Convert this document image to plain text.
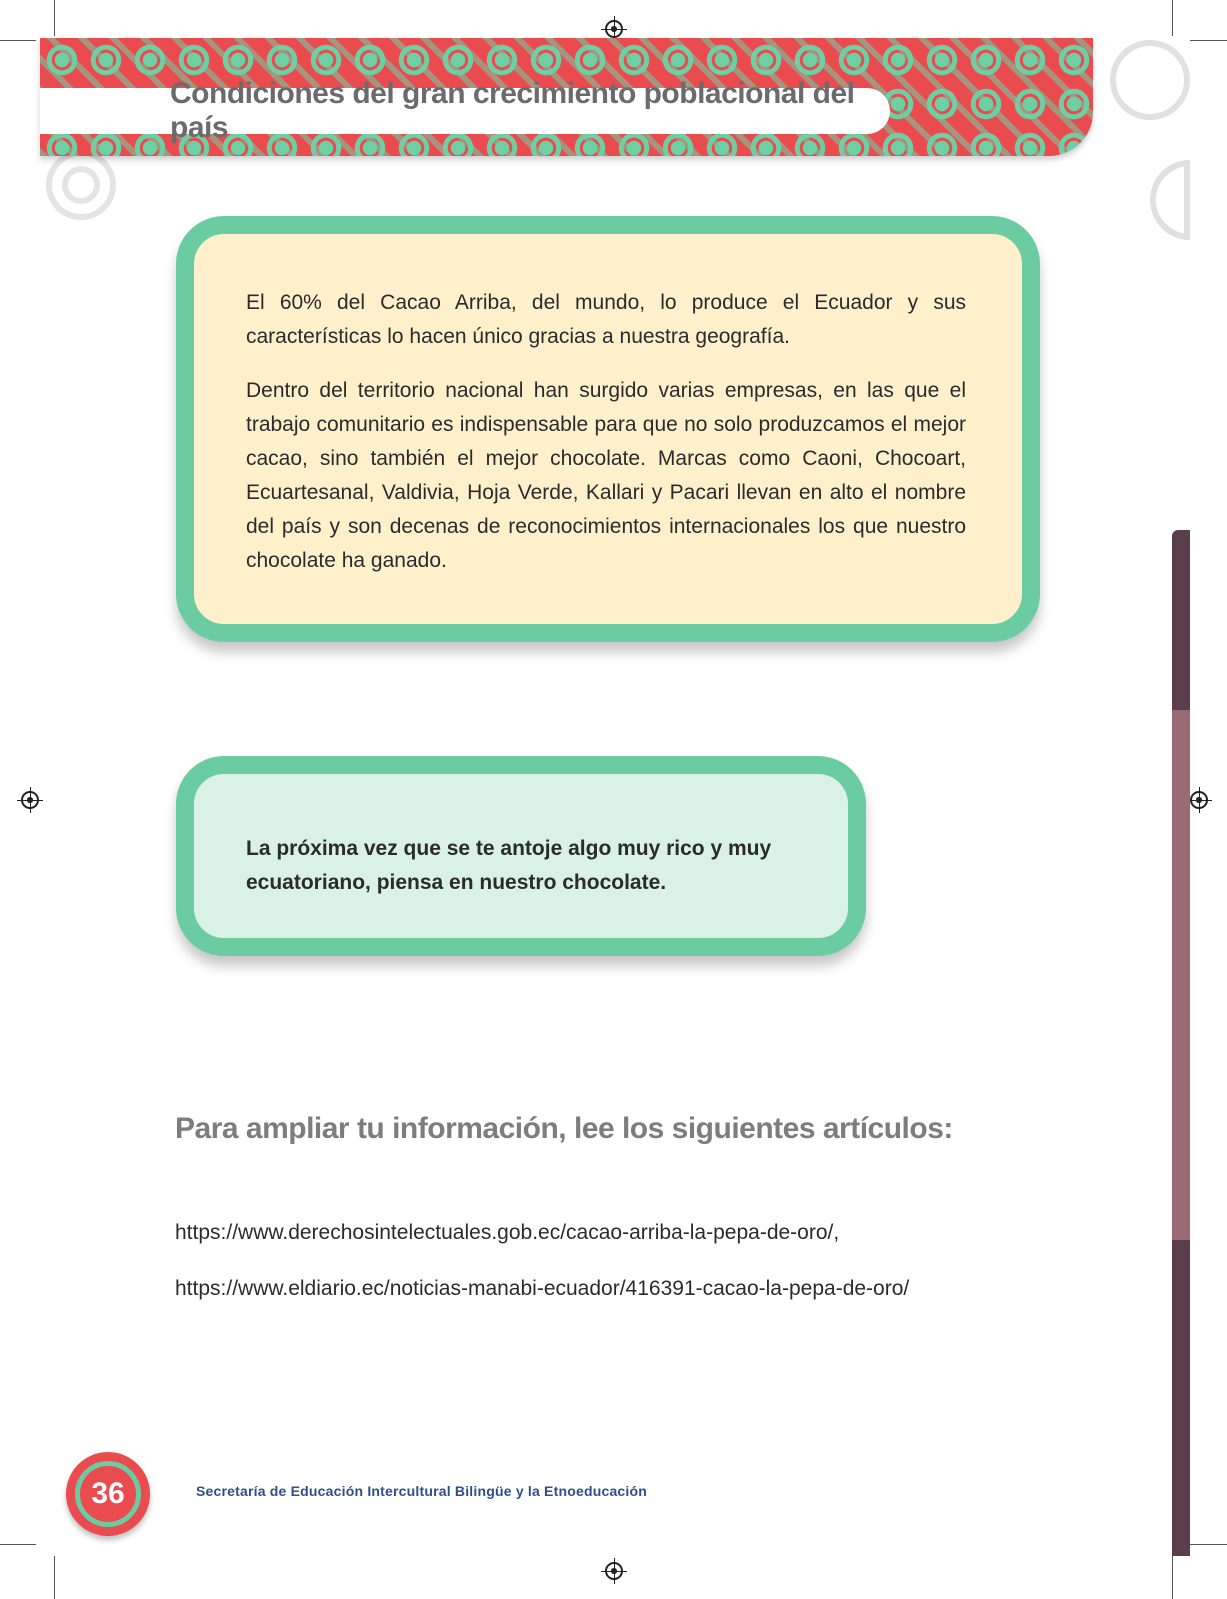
Condiciones del gran crecimiento poblacional del país

El 60% del Cacao Arriba, del mundo, lo produce el Ecuador y sus características lo hacen único gracias a nuestra geografía.

Dentro del territorio nacional han surgido varias empresas, en las que el trabajo comunitario es indispensable para que no solo produzcamos el mejor cacao, sino también el mejor chocolate. Marcas como Caoni, Chocoart, Ecuartesanal, Valdivia, Hoja Verde, Kallari y Pacari llevan en alto el nombre del país y son decenas de reconocimientos internacionales los que nuestro chocolate ha ganado.

La próxima vez que se te antoje algo muy rico y muy ecuatoriano, piensa en nuestro chocolate.

Para ampliar tu información, lee los siguientes artículos:
https://www.derechosintelectuales.gob.ec/cacao-arriba-la-pepa-de-oro/,
https://www.eldiario.ec/noticias-manabi-ecuador/416391-cacao-la-pepa-de-oro/
36	Secretaría de Educación Intercultural Bilingüe y la Etnoeducación
